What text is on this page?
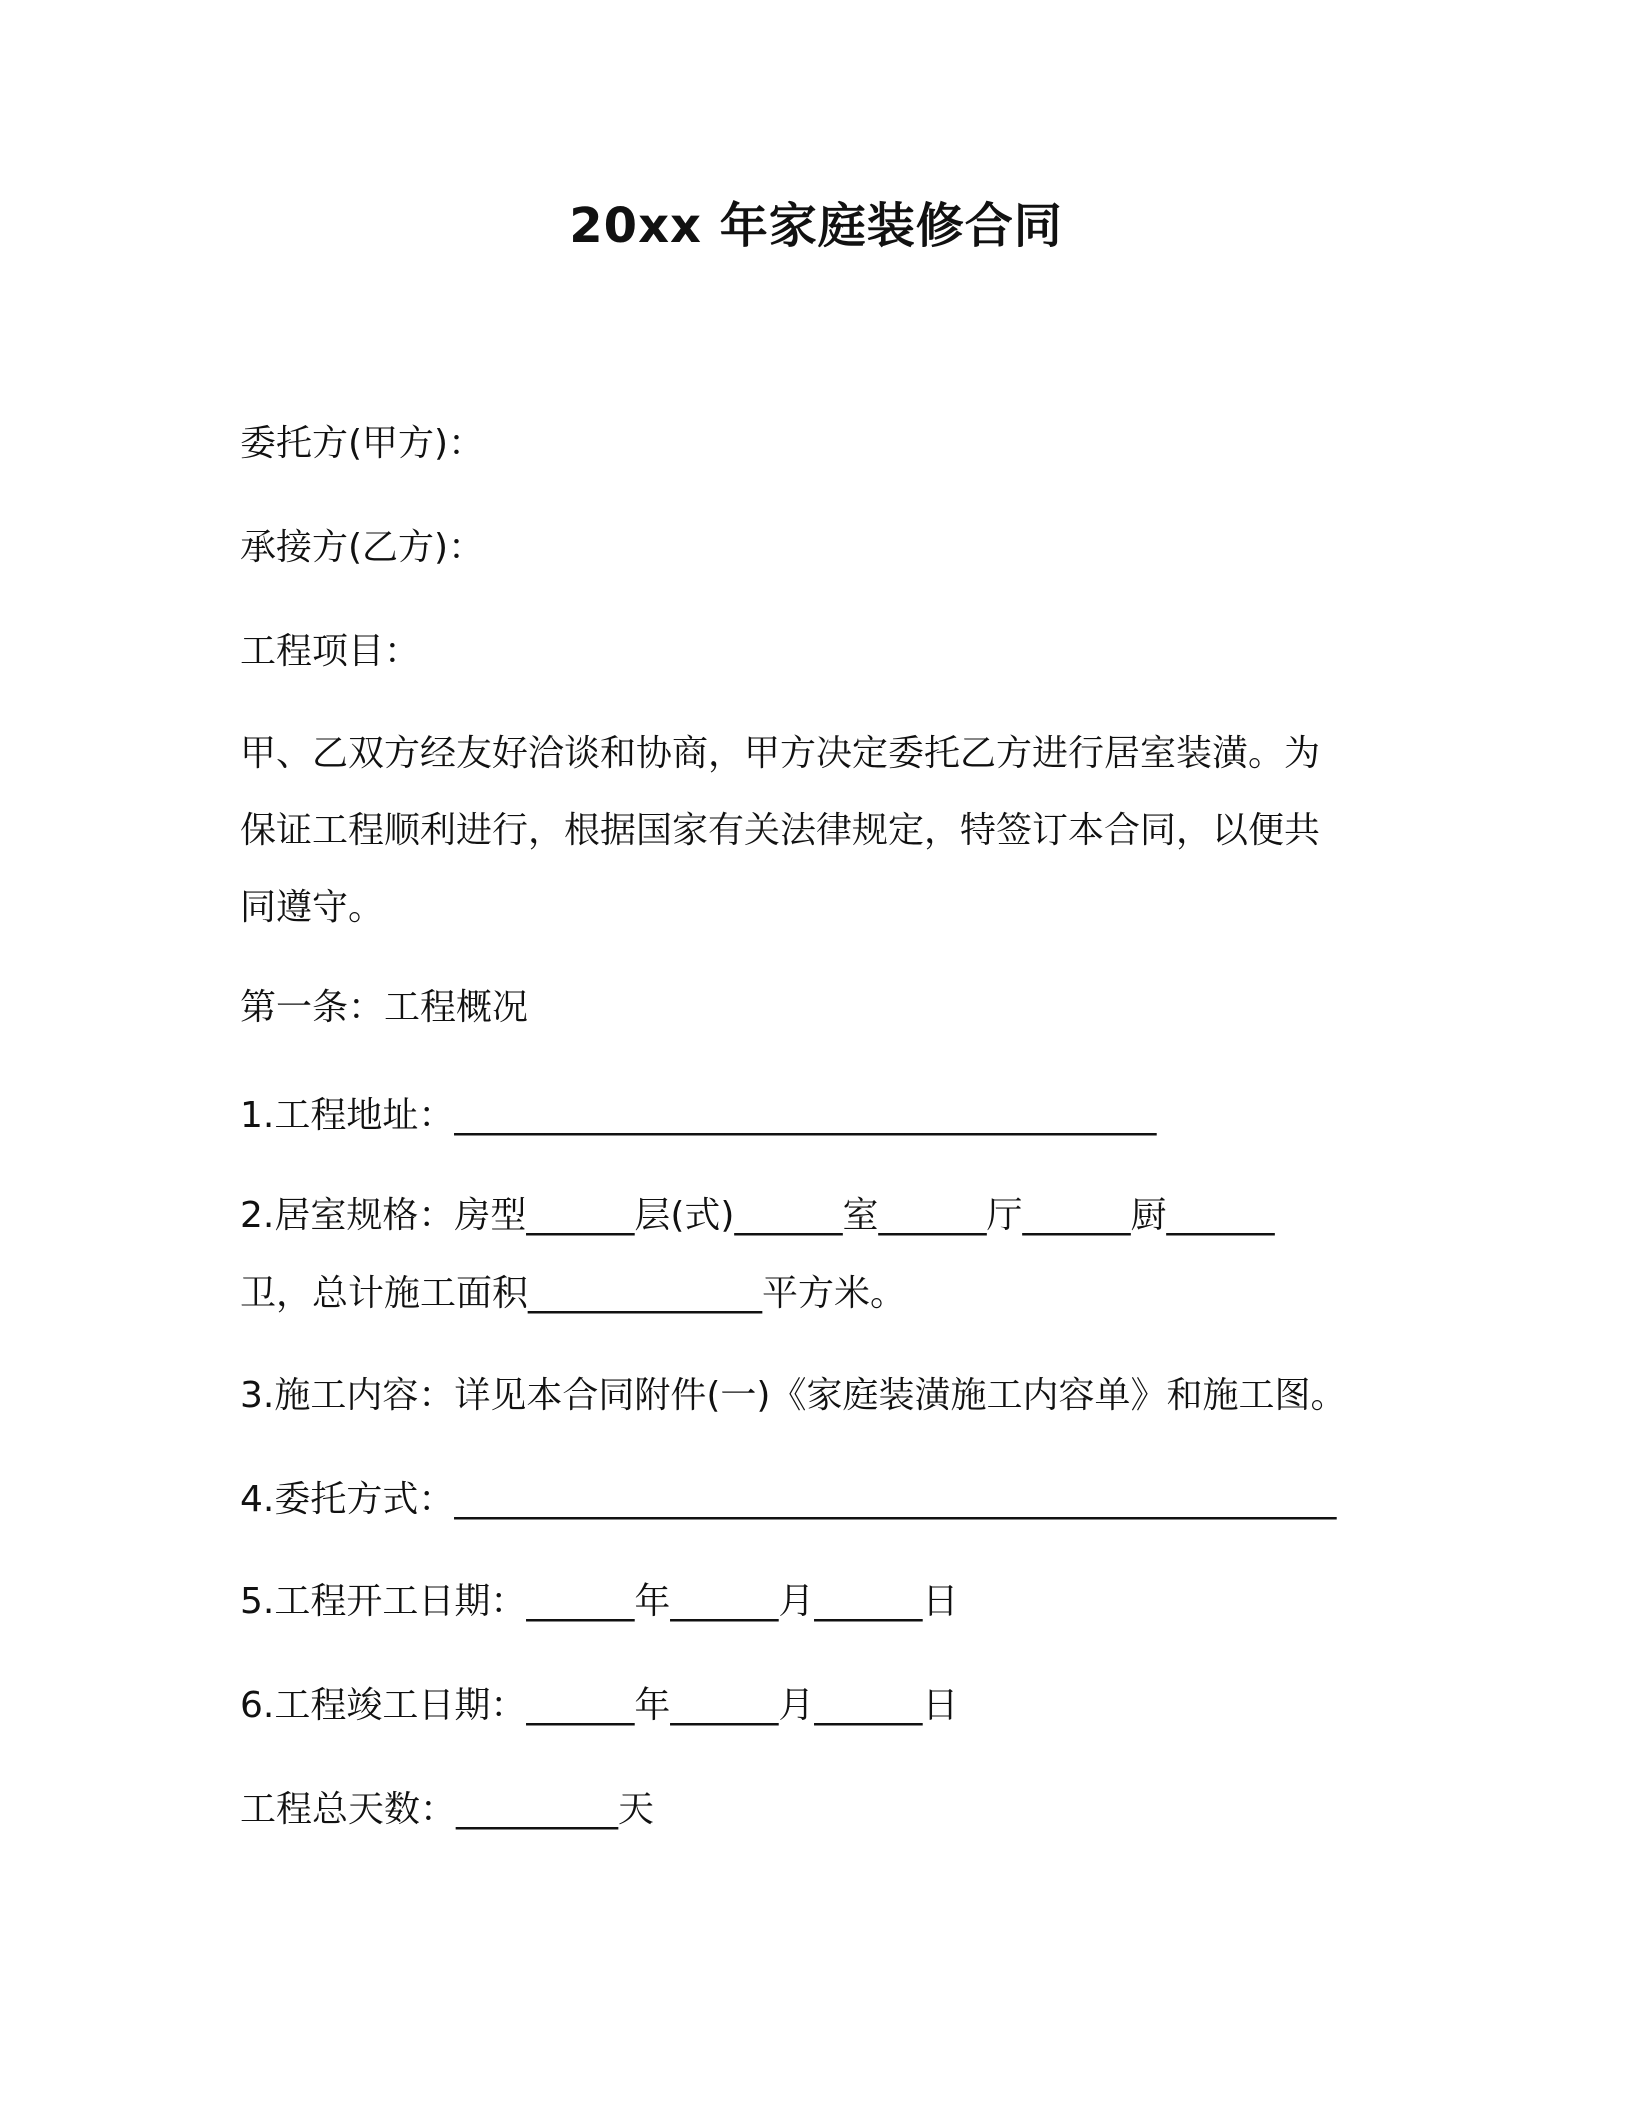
20xx 年家庭装修合同
委托方(甲方)：
承接方(乙方)：
工程项目：
甲、乙双方经友好洽谈和协商，甲方决定委托乙方进行居室装潢。为
保证工程顺利进行，根据国家有关法律规定，特签订本合同，以便共
同遵守。
第一条：工程概况
1.工程地址：_______________________________________
2.居室规格：房型______层(式)______室______厅______厨______
卫，总计施工面积_____________平方米。
3.施工内容：详见本合同附件(一)《家庭装潢施工内容单》和施工图。
4.委托方式：_________________________________________________
5.工程开工日期：______年______月______日
6.工程竣工日期：______年______月______日
工程总天数：_________天
